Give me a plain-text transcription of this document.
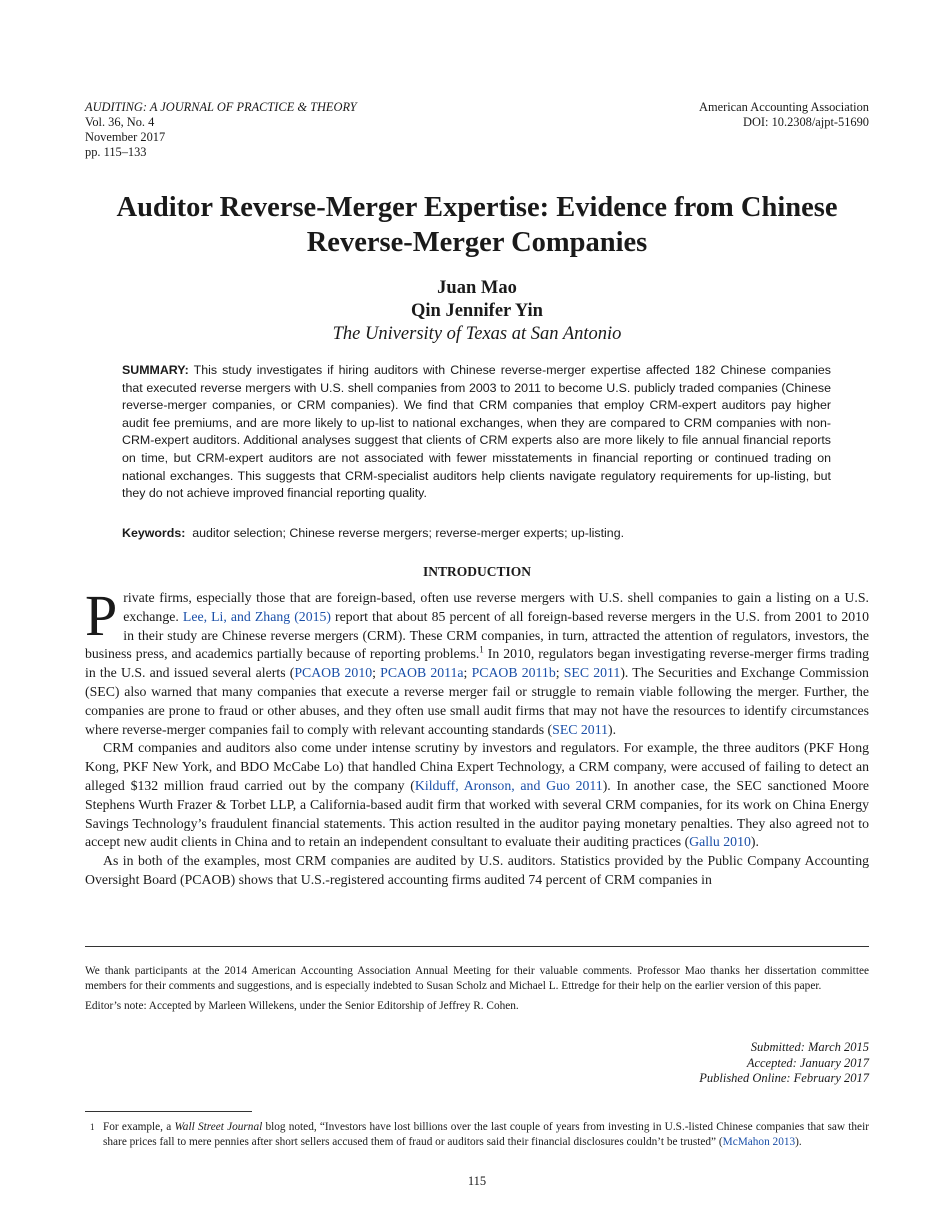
AUDITING: A JOURNAL OF PRACTICE & THEORY
Vol. 36, No. 4
November 2017
pp. 115–133
American Accounting Association
DOI: 10.2308/ajpt-51690
Auditor Reverse-Merger Expertise: Evidence from Chinese
Reverse-Merger Companies
Juan Mao
Qin Jennifer Yin
The University of Texas at San Antonio
SUMMARY: This study investigates if hiring auditors with Chinese reverse-merger expertise affected 182 Chinese companies that executed reverse mergers with U.S. shell companies from 2003 to 2011 to become U.S. publicly traded companies (Chinese reverse-merger companies, or CRM companies). We find that CRM companies that employ CRM-expert auditors pay higher audit fee premiums, and are more likely to up-list to national exchanges, when they are compared to CRM companies with non-CRM-expert auditors. Additional analyses suggest that clients of CRM experts also are more likely to file annual financial reports on time, but CRM-expert auditors are not associated with fewer misstatements in financial reporting or continued trading on national exchanges. This suggests that CRM-specialist auditors help clients navigate regulatory requirements for up-listing, but they do not achieve improved financial reporting quality.
Keywords: auditor selection; Chinese reverse mergers; reverse-merger experts; up-listing.
INTRODUCTION

Private firms, especially those that are foreign-based, often use reverse mergers with U.S. shell companies to gain a listing on a U.S. exchange. Lee, Li, and Zhang (2015) report that about 85 percent of all foreign-based reverse mergers in the U.S. from 2001 to 2010 in their study are Chinese reverse mergers (CRM). These CRM companies, in turn, attracted the attention of regulators, investors, the business press, and academics partially because of reporting problems.$^1$ In 2010, regulators began investigating reverse-merger firms trading in the U.S. and issued several alerts (PCAOB 2010; PCAOB 2011a; PCAOB 2011b; SEC 2011). The Securities and Exchange Commission (SEC) also warned that many companies that execute a reverse merger fail or struggle to remain viable following the merger. Further, the companies are prone to fraud or other abuses, and they often use small audit firms that may not have the resources to identify circumstances where reverse-merger companies fail to comply with relevant accounting standards (SEC 2011).

CRM companies and auditors also come under intense scrutiny by investors and regulators. For example, the three auditors (PKF Hong Kong, PKF New York, and BDO McCabe Lo) that handled China Expert Technology, a CRM company, were accused of failing to detect an alleged $132 million fraud carried out by the company (Kilduff, Aronson, and Guo 2011). In another case, the SEC sanctioned Moore Stephens Wurth Frazer & Torbet LLP, a California-based audit firm that worked with several CRM companies, for its work on China Energy Savings Technology’s fraudulent financial statements. This action resulted in the auditor paying monetary penalties. They also agreed not to accept new audit clients in China and to retain an independent consultant to evaluate their auditing practices (Gallu 2010).

As in both of the examples, most CRM companies are audited by U.S. auditors. Statistics provided by the Public Company Accounting Oversight Board (PCAOB) shows that U.S.-registered accounting firms audited 74 percent of CRM companies in

We thank participants at the 2014 American Accounting Association Annual Meeting for their valuable comments. Professor Mao thanks her dissertation committee members for their comments and suggestions, and is especially indebted to Susan Scholz and Michael L. Ettredge for their help on the earlier version of this paper.

Editor’s note: Accepted by Marleen Willekens, under the Senior Editorship of Jeffrey R. Cohen.

Submitted: March 2015
Accepted: January 2017
Published Online: February 2017
1 For example, a Wall Street Journal blog noted, “Investors have lost billions over the last couple of years from investing in U.S.-listed Chinese companies that saw their share prices fall to mere pennies after short sellers accused them of fraud or auditors said their financial disclosures couldn’t be trusted” (McMahon 2013).
115
